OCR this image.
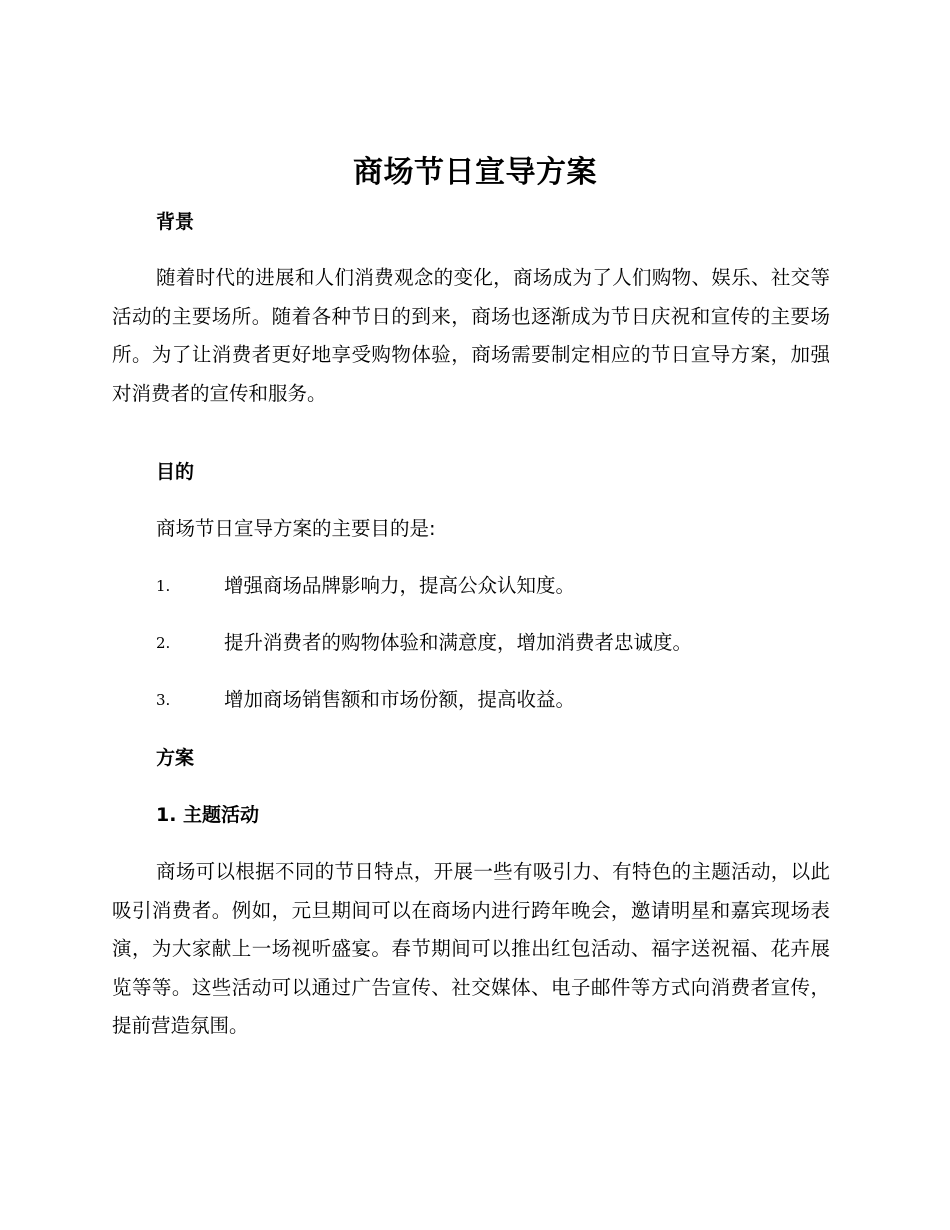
商场节日宣导方案
背景

随着时代的进展和人们消费观念的变化，商场成为了人们购物、娱乐、社交等活动的主要场所。随着各种节日的到来，商场也逐渐成为节日庆祝和宣传的主要场所。为了让消费者更好地享受购物体验，商场需要制定相应的节日宣导方案，加强对消费者的宣传和服务。

目的
商场节日宣导方案的主要目的是:
1.	增强商场品牌影响力，提高公众认知度。
2.	提升消费者的购物体验和满意度，增加消费者忠诚度。
3.	增加商场销售额和市场份额，提高收益。
方案
1. 主题活动

商场可以根据不同的节日特点，开展一些有吸引力、有特色的主题活动，以此吸引消费者。例如，元旦期间可以在商场内进行跨年晚会，邀请明星和嘉宾现场表演，为大家献上一场视听盛宴。春节期间可以推出红包活动、福字送祝福、花卉展览等等。这些活动可以通过广告宣传、社交媒体、电子邮件等方式向消费者宣传，提前营造氛围。
